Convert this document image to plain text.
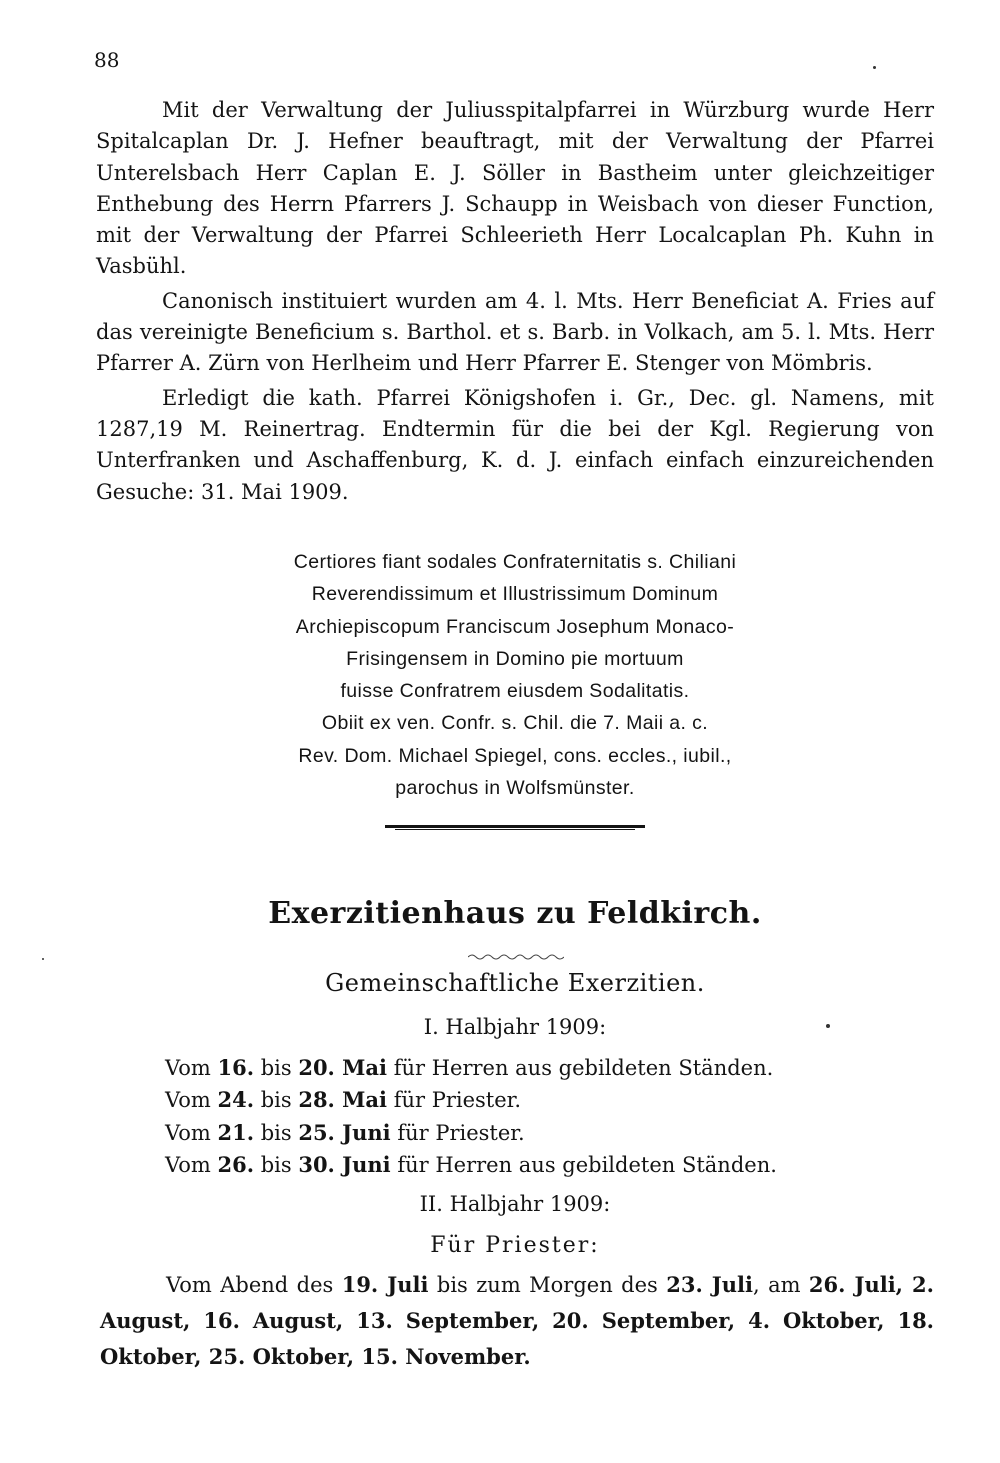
88

Mit der Verwaltung der Juliusspitalpfarrei in Würzburg wurde Herr Spitalcaplan Dr. J. Hefner beauftragt, mit der Verwaltung der Pfarrei Unterelsbach Herr Caplan E. J. Söller in Bastheim unter gleichzeitiger Enthebung des Herrn Pfarrers J. Schaupp in Weisbach von dieser Function, mit der Verwaltung der Pfarrei Schleerieth Herr Localcaplan Ph. Kuhn in Vasbühl.

Canonisch instituiert wurden am 4. l. Mts. Herr Beneficiat A. Fries auf das vereinigte Beneficium s. Barthol. et s. Barb. in Volkach, am 5. l. Mts. Herr Pfarrer A. Zürn von Herlheim und Herr Pfarrer E. Stenger von Mömbris.

Erledigt die kath. Pfarrei Königshofen i. Gr., Dec. gl. Namens, mit 1287,19 M. Reinertrag. Endtermin für die bei der Kgl. Regierung von Unterfranken und Aschaffenburg, K. d. J. einfach einfach einzureichenden Gesuche: 31. Mai 1909.

Certiores fiant sodales Confraternitatis s. Chiliani
Reverendissimum et Illustrissimum Dominum
Archiepiscopum Franciscum Josephum Monaco-
Frisingensem in Domino pie mortuum
fuisse Confratrem eiusdem Sodalitatis.
Obiit ex ven. Confr. s. Chil. die 7. Maii a. c.
Rev. Dom. Michael Spiegel, cons. eccles., iubil.,
parochus in Wolfsmünster.
Exerzitienhaus zu Feldkirch.
Gemeinschaftliche Exerzitien.
I. Halbjahr 1909:
Vom 16. bis 20. Mai für Herren aus gebildeten Ständen.
Vom 24. bis 28. Mai für Priester.
Vom 21. bis 25. Juni für Priester.
Vom 26. bis 30. Juni für Herren aus gebildeten Ständen.
II. Halbjahr 1909:
Für Priester:

Vom Abend des 19. Juli bis zum Morgen des 23. Juli, am 26. Juli, 2. August, 16. August, 13. September, 20. September, 4. Oktober, 18. Oktober, 25. Oktober, 15. November.
